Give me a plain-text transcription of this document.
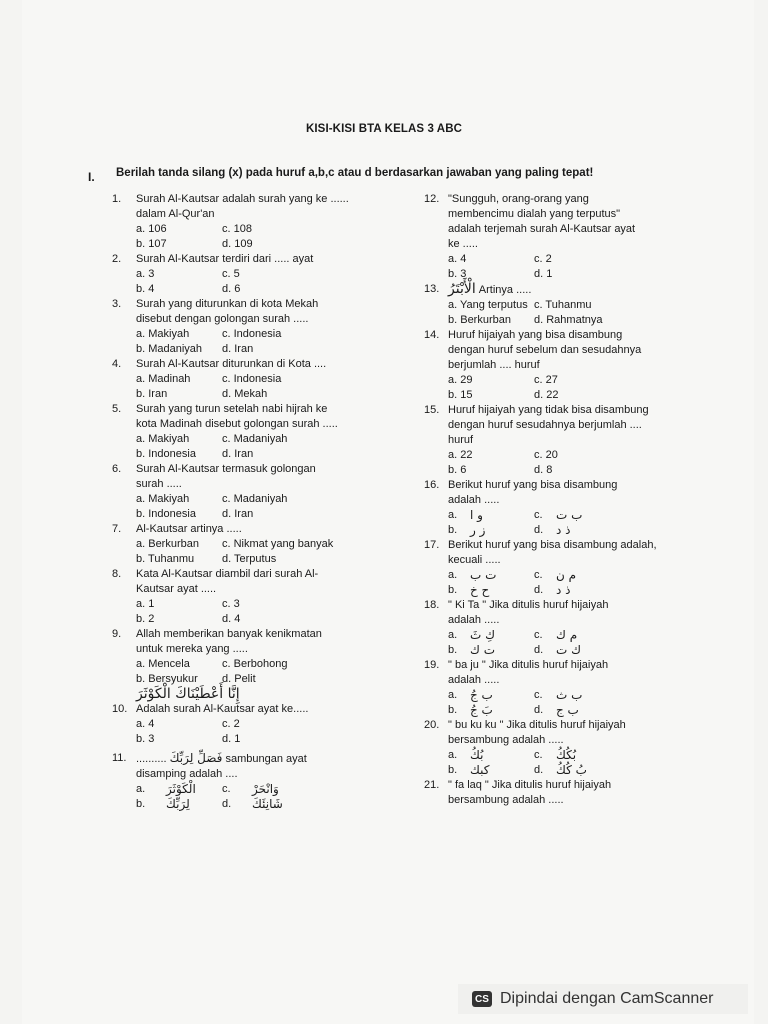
KISI-KISI BTA KELAS 3 ABC
I. Berilah tanda silang (x) pada huruf a,b,c atau d berdasarkan jawaban yang paling tepat!
1.	Surah Al-Kautsar adalah surah yang ke ......
dalam Al-Qur'an
a. 106	c. 108
b. 107	d. 109
2.	Surah Al-Kautsar terdiri dari ..... ayat
a. 3	c. 5
b. 4	d. 6
3.	Surah yang diturunkan di kota Mekah
disebut dengan golongan surah .....
a. Makiyah	c. Indonesia
b. Madaniyah	d. Iran
4.	Surah Al-Kautsar diturunkan di Kota ....
a. Madinah	c. Indonesia
b. Iran	d. Mekah
5.	Surah yang turun setelah nabi hijrah ke
kota Madinah disebut golongan surah .....
a. Makiyah	c. Madaniyah
b. Indonesia	d. Iran
6.	Surah Al-Kautsar termasuk golongan
surah .....
a. Makiyah	c. Madaniyah
b. Indonesia	d. Iran
7.	Al-Kautsar artinya .....
a. Berkurban	c. Nikmat yang banyak
b. Tuhanmu	d. Terputus
8.	Kata Al-Kautsar diambil dari surah Al-
Kautsar ayat .....
a. 1	c. 3
b. 2	d. 4
9.	Allah memberikan banyak kenikmatan
untuk mereka yang .....
a. Mencela	c. Berbohong
b. Bersyukur	d. Pelit
إِنَّا أَعْطَيْنَاكَ الْكَوْثَرَ
10. Adalah surah Al-Kautsar ayat ke.....
a. 4	c. 2
b. 3	d. 1
11. .......... فَصَلِّ لِرَبِّكَ sambungan ayat
disamping adalah ....
a.	الْكَوْثَرَ	c.	وَانْحَرْ
b.	لِرَبِّكَ	d.	شَانِئَكَ
12. "Sungguh, orang-orang yang
membencimu dialah yang terputus"
adalah terjemah surah Al-Kautsar ayat
ke .....
a. 4	c. 2
b. 3	d. 1
13. الْأَبْتَرُ Artinya .....
a. Yang terputus c. Tuhanmu
b. Berkurban	d. Rahmatnya
14. Huruf hijaiyah yang bisa disambung
dengan huruf sebelum dan sesudahnya
berjumlah .... huruf
a. 29	c. 27
b. 15	d. 22
15. Huruf hijaiyah yang tidak bisa disambung
dengan huruf sesudahnya berjumlah ....
huruf
a. 22	c. 20
b. 6	d. 8
16. Berikut huruf yang bisa disambung
adalah .....
a.	و ا	c.	ب ت
b.	ز ر	d.	ذ د
17. Berikut huruf yang bisa disambung adalah,
kecuali .....
a.	ت ب	c.	م ن
b.	ح خ	d.	ذ د
18. " Ki Ta " Jika ditulis huruf hijaiyah
adalah .....
a.	كِ ثَ	c.	م ك
b.	ت ك	d.	ك ت
19. " ba ju " Jika ditulis huruf hijaiyah
adalah .....
a.	ب جُ	c.	ب ث
b.	بَ جُ	d.	ب ج
20. " bu ku ku " Jika ditulis huruf hijaiyah
bersambung adalah .....
a.	بُكُ	c.	بُكُكُ
b.	كبك	d.	بُ كُكُ
21. " fa laq " Jika ditulis huruf hijaiyah
bersambung adalah .....
CS Dipindai dengan CamScanner
